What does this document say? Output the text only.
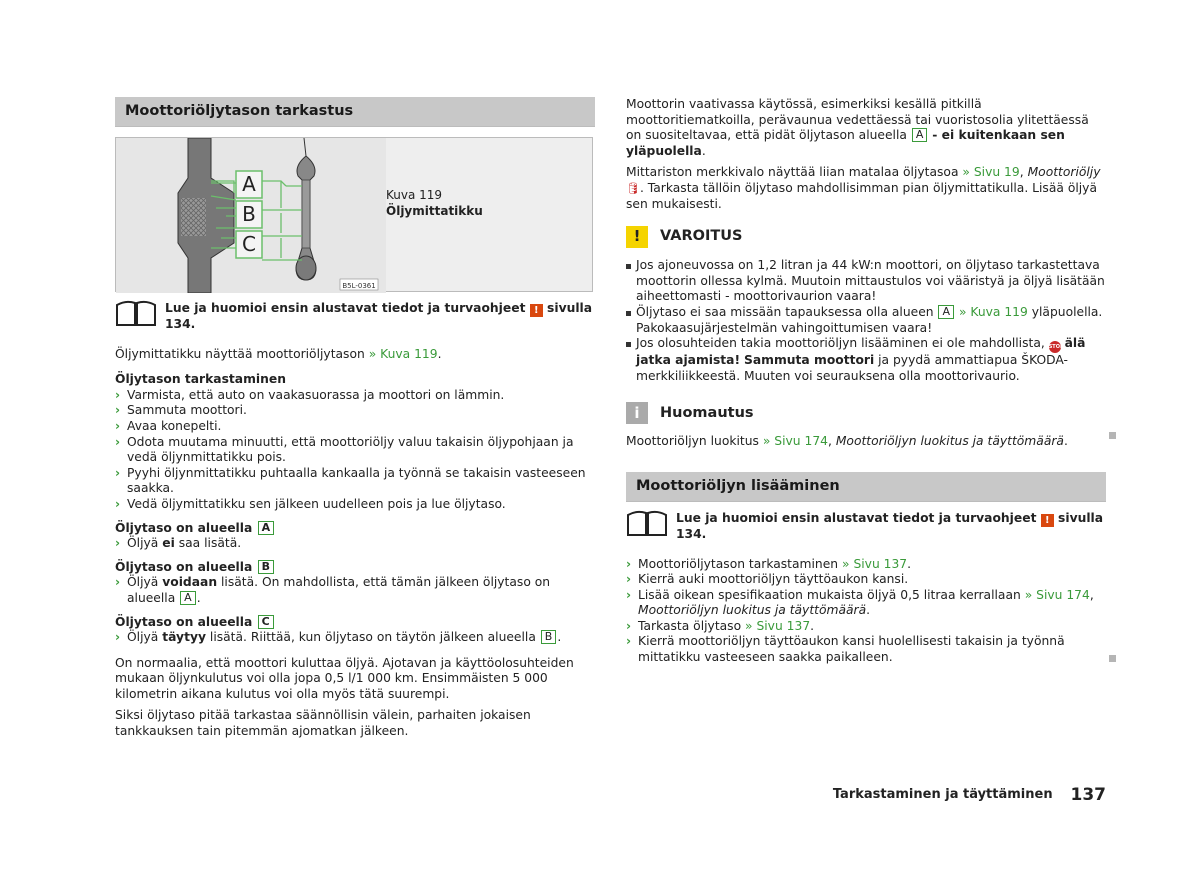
Moottoriöljytason tarkastus
A
B
C
B5L-0361
Kuva 119
Öljymittatikku
Lue ja huomioi ensin alustavat tiedot ja turvaohjeet ! sivulla 134.

Öljymittatikku näyttää moottoriöljytason » Kuva 119.

Öljytason tarkastaminen
› Varmista, että auto on vaakasuorassa ja moottori on lämmin.
› Sammuta moottori.
› Avaa konepelti.
› Odota muutama minuutti, että moottoriöljy valuu takaisin öljypohjaan ja vedä öljynmittatikku pois.
› Pyyhi öljynmittatikku puhtaalla kankaalla ja työnnä se takaisin vasteeseen saakka.
› Vedä öljymittatikku sen jälkeen uudelleen pois ja lue öljytaso.
Öljytaso on alueella A
› Öljyä ei saa lisätä.
Öljytaso on alueella B
› Öljyä voidaan lisätä. On mahdollista, että tämän jälkeen öljytaso on alueella A .
Öljytaso on alueella C
› Öljyä täytyy lisätä. Riittää, kun öljytaso on täytön jälkeen alueella B .

On normaalia, että moottori kuluttaa öljyä. Ajotavan ja käyttöolosuhteiden mukaan öljynkulutus voi olla jopa 0,5 l/1 000 km. Ensimmäisten 5 000 kilometrin aikana kulutus voi olla myös tätä suurempi.

Siksi öljytaso pitää tarkastaa säännöllisin välein, parhaiten jokaisen tankkauksen tain pitemmän ajomatkan jälkeen.

Moottorin vaativassa käytössä, esimerkiksi kesällä pitkillä moottoritiematkoilla, perävaunua vedettäessä tai vuoristosolia ylitettäessä on suositeltavaa, että pidät öljytason alueella A - ei kuitenkaan sen yläpuolella.

Mittariston merkkivalo näyttää liian matalaa öljytasoa » Sivu 19, Moottoriöljy 🛢. Tarkasta tällöin öljytaso mahdollisimman pian öljymittatikulla. Lisää öljyä sen mukaisesti.

!	VAROITUS
Jos ajoneuvossa on 1,2 litran ja 44 kW:n moottori, on öljytaso tarkastettava moottorin ollessa kylmä. Muutoin mittaustulos voi vääristyä ja öljyä lisätään aiheettomasti - moottorivaurion vaara!
Öljytaso ei saa missään tapauksessa olla alueen A » Kuva 119 yläpuolella. Pakokaasujärjestelmän vahingoittumisen vaara!
Jos olosuhteiden takia moottoriöljyn lisääminen ei ole mahdollista, STOP älä jatka ajamista! Sammuta moottori ja pyydä ammattiapua ŠKODA-merkkiliikkeestä. Muuten voi seurauksena olla moottorivaurio.
i	Huomautus

Moottoriöljyn luokitus » Sivu 174, Moottoriöljyn luokitus ja täyttömäärä.

Moottoriöljyn lisääminen
Lue ja huomioi ensin alustavat tiedot ja turvaohjeet ! sivulla 134.
› Moottoriöljytason tarkastaminen » Sivu 137.
› Kierrä auki moottoriöljyn täyttöaukon kansi.
› Lisää oikean spesifikaation mukaista öljyä 0,5 litraa kerrallaan » Sivu 174, Moottoriöljyn luokitus ja täyttömäärä.
› Tarkasta öljytaso » Sivu 137.
› Kierrä moottoriöljyn täyttöaukon kansi huolellisesti takaisin ja työnnä mittatikku vasteeseen saakka paikalleen.
Tarkastaminen ja täyttäminen 137
